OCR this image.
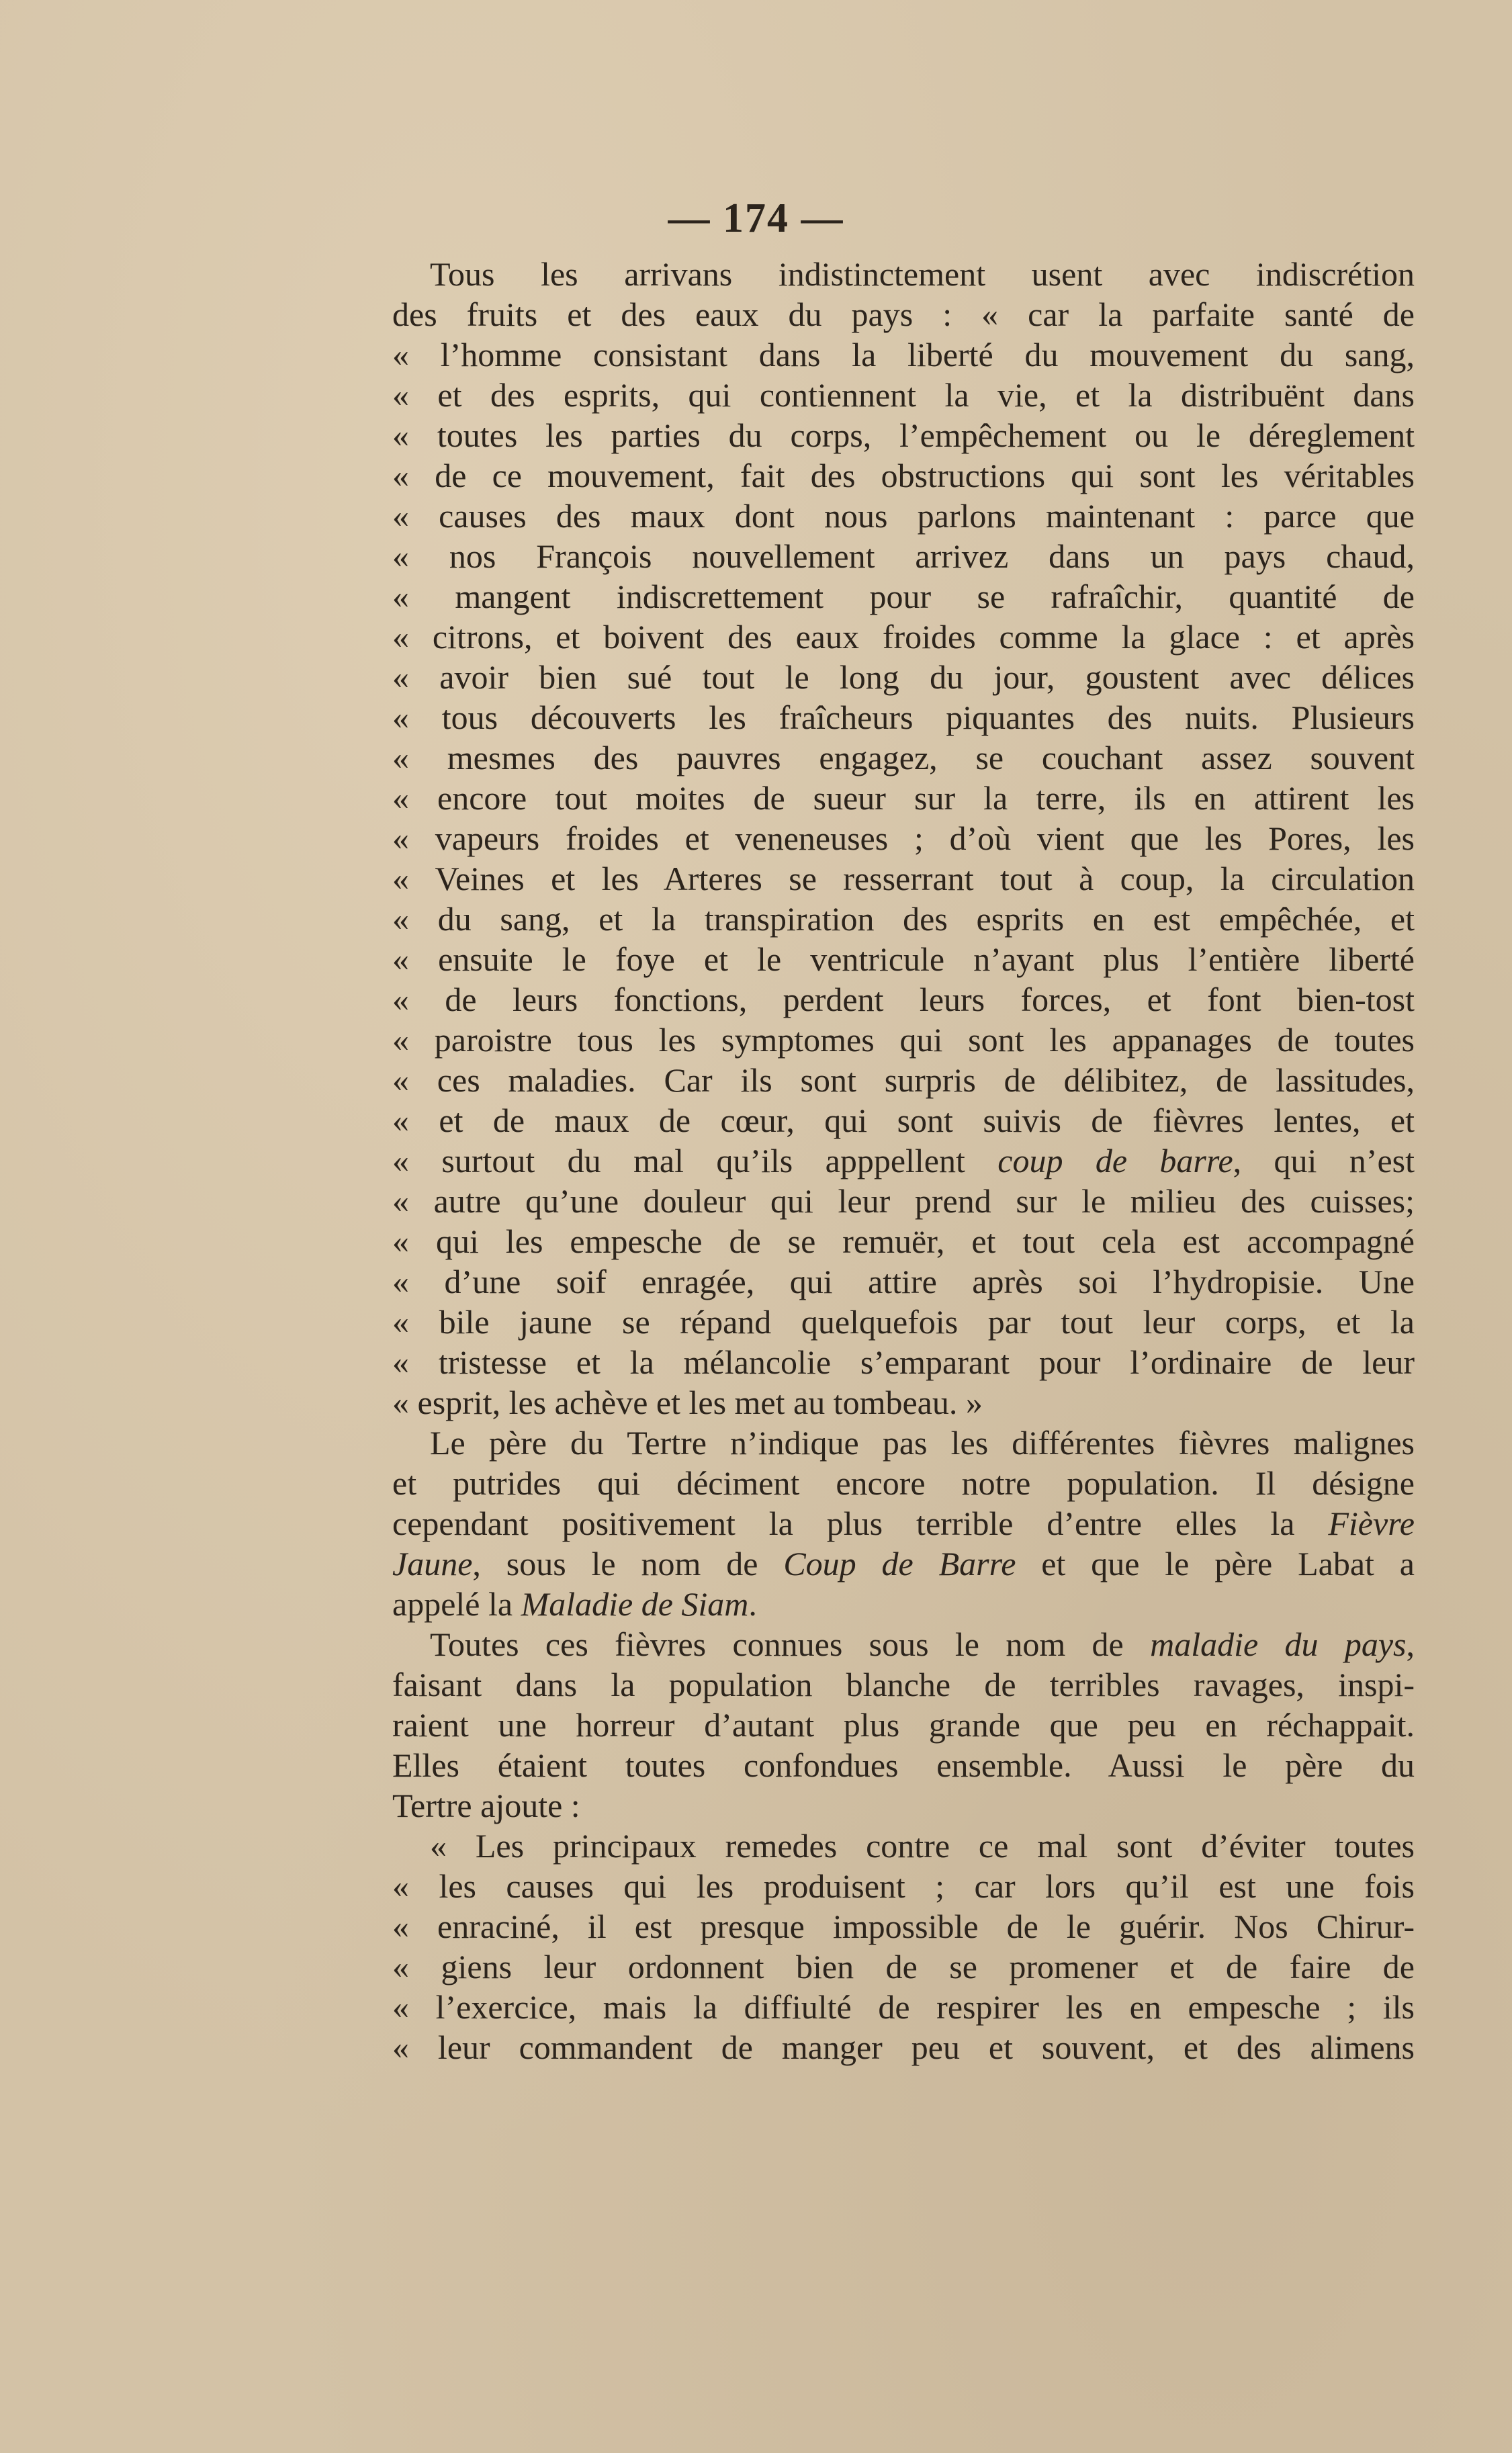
— 174 —
Tous les arrivans indistinctement usent avec indiscrétion
des fruits et des eaux du pays : « car la parfaite santé de
« l’homme consistant dans la liberté du mouvement du sang,
« et des esprits, qui contiennent la vie, et la distribuënt dans
« toutes les parties du corps, l’empêchement ou le déreglement
« de ce mouvement, fait des obstructions qui sont les véritables
« causes des maux dont nous parlons maintenant : parce que
« nos François nouvellement arrivez dans un pays chaud,
« mangent indiscrettement pour se rafraîchir, quantité de
« citrons, et boivent des eaux froides comme la glace : et après
« avoir bien sué tout le long du jour, goustent avec délices
« tous découverts les fraîcheurs piquantes des nuits. Plusieurs
« mesmes des pauvres engagez, se couchant assez souvent
« encore tout moites de sueur sur la terre, ils en attirent les
« vapeurs froides et veneneuses ; d’où vient que les Pores, les
« Veines et les Arteres se resserrant tout à coup, la circulation
« du sang, et la transpiration des esprits en est empêchée, et
« ensuite le foye et le ventricule n’ayant plus l’entière liberté
« de leurs fonctions, perdent leurs forces, et font bien-tost
« paroistre tous les symptomes qui sont les appanages de toutes
« ces maladies. Car ils sont surpris de délibitez, de lassitudes,
« et de maux de cœur, qui sont suivis de fièvres lentes, et
« surtout du mal qu’ils apppellent coup de barre, qui n’est
« autre qu’une douleur qui leur prend sur le milieu des cuisses;
« qui les empesche de se remuër, et tout cela est accompagné
« d’une soif enragée, qui attire après soi l’hydropisie. Une
« bile jaune se répand quelquefois par tout leur corps, et la
« tristesse et la mélancolie s’emparant pour l’ordinaire de leur
« esprit, les achève et les met au tombeau. »
Le père du Tertre n’indique pas les différentes fièvres malignes
et putrides qui déciment encore notre population. Il désigne
cependant positivement la plus terrible d’entre elles la Fièvre
Jaune, sous le nom de Coup de Barre et que le père Labat a
appelé la Maladie de Siam.
Toutes ces fièvres connues sous le nom de maladie du pays,
faisant dans la population blanche de terribles ravages, inspi-
raient une horreur d’autant plus grande que peu en réchappait.
Elles étaient toutes confondues ensemble. Aussi le père du
Tertre ajoute :
« Les principaux remedes contre ce mal sont d’éviter toutes
« les causes qui les produisent ; car lors qu’il est une fois
« enraciné, il est presque impossible de le guérir. Nos Chirur-
« giens leur ordonnent bien de se promener et de faire de
« l’exercice, mais la diffiulté de respirer les en empesche ; ils
« leur commandent de manger peu et souvent, et des alimens
